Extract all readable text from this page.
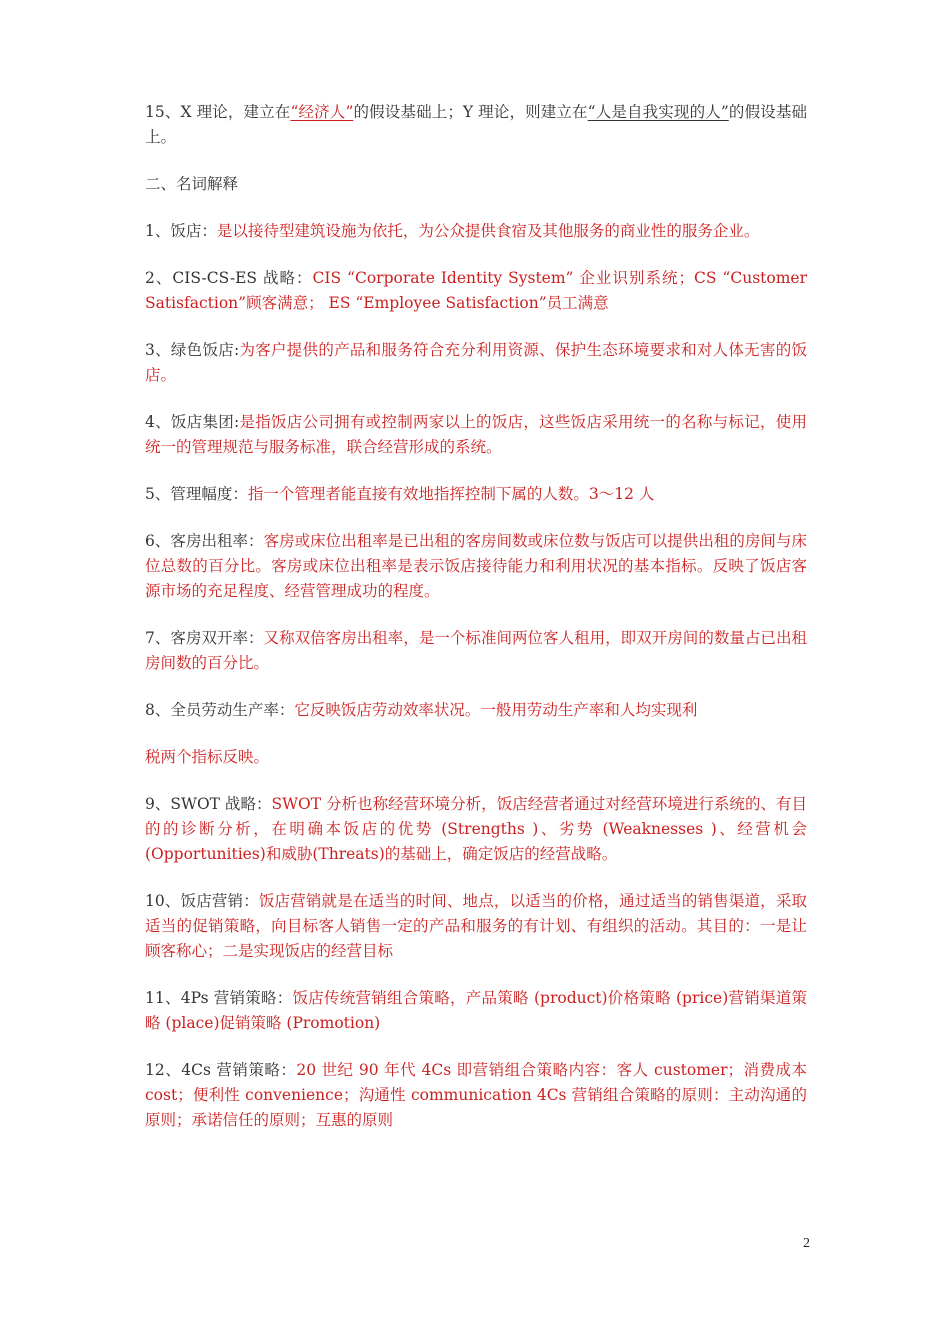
15、X 理论，建立在“经济人”的假设基础上；Y 理论，则建立在“人是自我实现的人”的假设基础上。

二、名词解释

1、饭店：是以接待型建筑设施为依托，为公众提供食宿及其他服务的商业性的服务企业。

2、CIS-CS-ES 战略：CIS “Corporate Identity System” 企业识别系统；CS “Customer Satisfaction”顾客满意； ES “Employee Satisfaction”员工满意

3、绿色饭店:为客户提供的产品和服务符合充分利用资源、保护生态环境要求和对人体无害的饭店。

4、饭店集团:是指饭店公司拥有或控制两家以上的饭店，这些饭店采用统一的名称与标记，使用统一的管理规范与服务标准，联合经营形成的系统。

5、管理幅度：指一个管理者能直接有效地指挥控制下属的人数。3～12 人

6、客房出租率：客房或床位出租率是已出租的客房间数或床位数与饭店可以提供出租的房间与床位总数的百分比。客房或床位出租率是表示饭店接待能力和利用状况的基本指标。反映了饭店客源市场的充足程度、经营管理成功的程度。

7、客房双开率：又称双倍客房出租率，是一个标准间两位客人租用，即双开房间的数量占已出租房间数的百分比。

8、全员劳动生产率：它反映饭店劳动效率状况。一般用劳动生产率和人均实现利

税两个指标反映。

9、SWOT 战略：SWOT 分析也称经营环境分析，饭店经营者通过对经营环境进行系统的、有目的的诊断分析，在明确本饭店的优势 (Strengths )、劣势 (Weaknesses )、经营机会(Opportunities)和威胁(Threats)的基础上，确定饭店的经营战略。

10、饭店营销：饭店营销就是在适当的时间、地点，以适当的价格，通过适当的销售渠道，采取适当的促销策略，向目标客人销售一定的产品和服务的有计划、有组织的活动。其目的：一是让顾客称心；二是实现饭店的经营目标

11、4Ps 营销策略：饭店传统营销组合策略，产品策略 (product)价格策略 (price)营销渠道策略 (place)促销策略 (Promotion)

12、4Cs 营销策略：20 世纪 90 年代 4Cs 即营销组合策略内容：客人 customer；消费成本 cost；便利性 convenience；沟通性 communication 4Cs 营销组合策略的原则：主动沟通的原则；承诺信任的原则；互惠的原则

2
